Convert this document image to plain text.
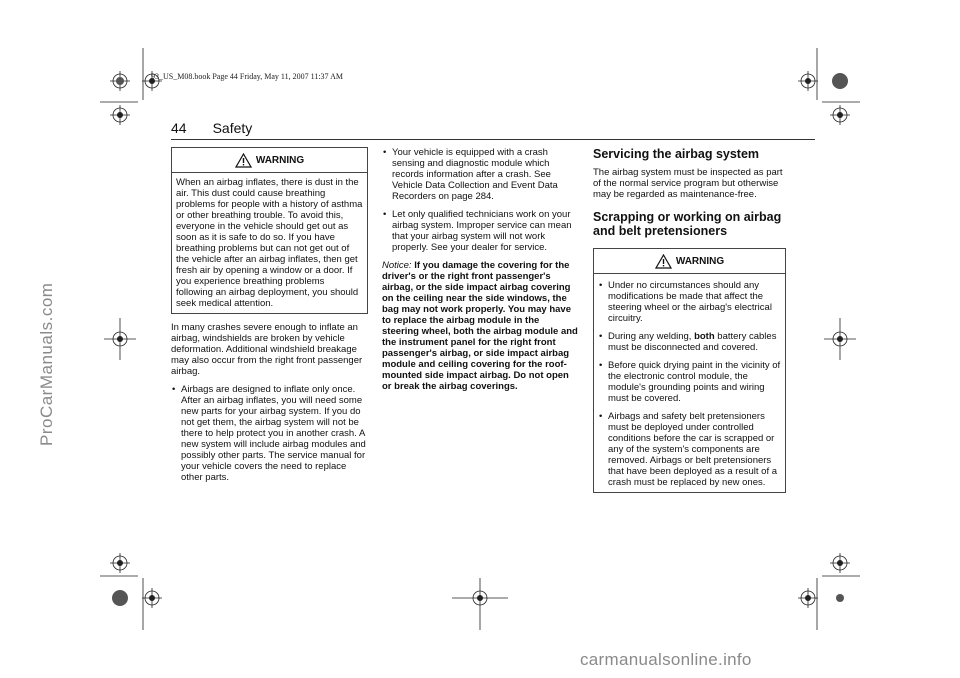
ProCarManuals.com
93_US_M08.book Page 44 Friday, May 11, 2007 11:37 AM
44 Safety
WARNING
When an airbag inflates, there is dust in the air. This dust could cause breathing problems for people with a history of asthma or other breathing trouble. To avoid this, everyone in the vehicle should get out as soon as it is safe to do so. If you have breathing problems but can not get out of the vehicle after an airbag inflates, then get fresh air by opening a window or a door. If you experience breathing problems following an airbag deployment, you should seek medical attention.

In many crashes severe enough to inflate an airbag, windshields are broken by vehicle deformation. Additional windshield breakage may also occur from the right front passenger airbag.

• Airbags are designed to inflate only once. After an airbag inflates, you will need some new parts for your airbag system. If you do not get them, the airbag system will not be there to help protect you in another crash. A new system will include airbag modules and possibly other parts. The service manual for your vehicle covers the need to replace other parts.
• Your vehicle is equipped with a crash sensing and diagnostic module which records information after a crash. See Vehicle Data Collection and Event Data Recorders on page 284.
• Let only qualified technicians work on your airbag system. Improper service can mean that your airbag system will not work properly. See your dealer for service.

Notice: If you damage the covering for the driver's or the right front passenger's airbag, or the side impact airbag covering on the ceiling near the side windows, the bag may not work properly. You may have to replace the airbag module in the steering wheel, both the airbag module and the instrument panel for the right front passenger's airbag, or side impact airbag module and ceiling covering for the roof-mounted side impact airbag. Do not open or break the airbag coverings.

Servicing the airbag system

The airbag system must be inspected as part of the normal service program but otherwise may be regarded as maintenance-free.

Scrapping or working on airbag and belt pretensioners
WARNING
• Under no circumstances should any modifications be made that affect the steering wheel or the airbag's electrical circuitry.
• During any welding, both battery cables must be disconnected and covered.
• Before quick drying paint in the vicinity of the electronic control module, the module's grounding points and wiring must be covered.
• Airbags and safety belt pretensioners must be deployed under controlled conditions before the car is scrapped or any of the system's components are removed. Airbags or belt pretensioners that have been deployed as a result of a crash must be replaced by new ones.
carmanualsonline.info
